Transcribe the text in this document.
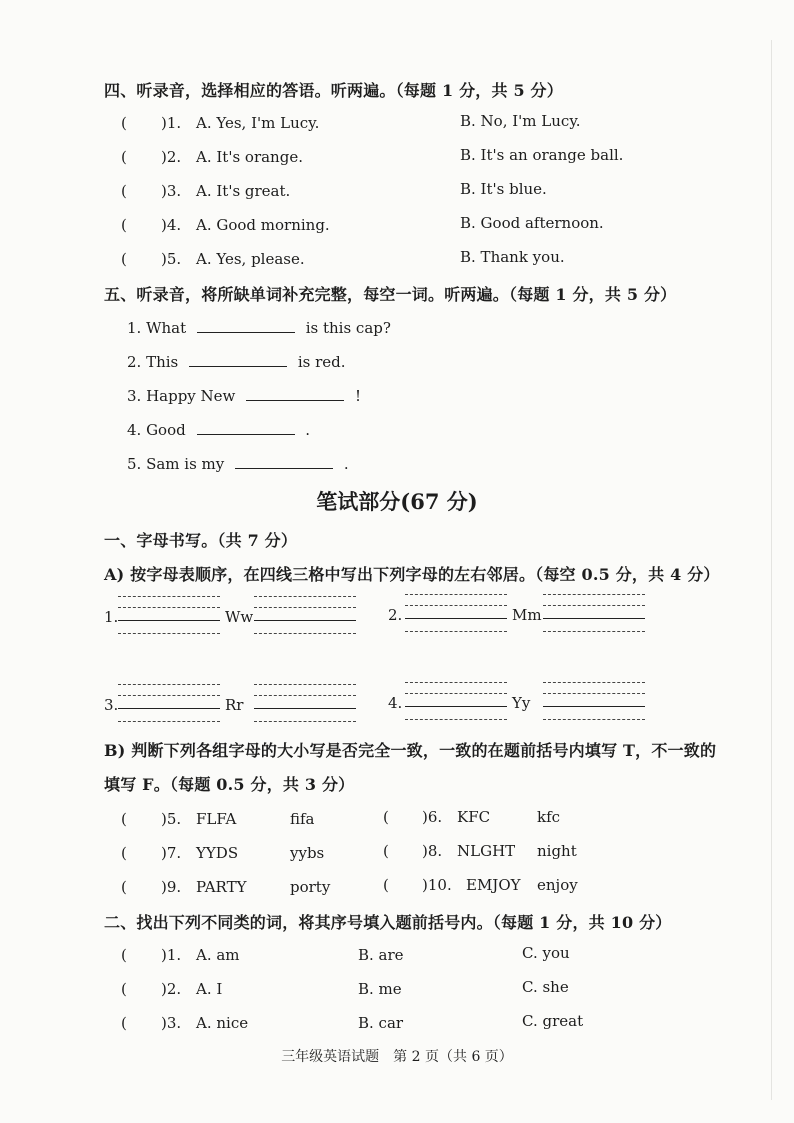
四、听录音，选择相应的答语。听两遍。（每题 1 分，共 5 分）
( )1. A. Yes, I'm Lucy.	B. No, I'm Lucy.
( )2. A. It's orange.	B. It's an orange ball.
( )3. A. It's great.	B. It's blue.
( )4. A. Good morning.	B. Good afternoon.
( )5. A. Yes, please.	B. Thank you.
五、听录音，将所缺单词补充完整，每空一词。听两遍。（每题 1 分，共 5 分）
1. What	is this cap?
2. This	is red.
3. Happy New	!
4. Good	.
5. Sam is my	.
笔试部分(67 分)
一、字母书写。（共 7 分）
A) 按字母表顺序，在四线三格中写出下列字母的左右邻居。（每空 0.5 分，共 4 分）
1.	Ww	2.	Mm
3.	Rr	4.	Yy
B) 判断下列各组字母的大小写是否完全一致，一致的在题前括号内填写 T，不一致的
填写 F。（每题 0.5 分，共 3 分）
( )5. FLFA	fifa	( )6. KFC	kfc
( )7. YYDS	yybs	( )8. NLGHT night
( )9. PARTY	porty	( )10. EMJOY enjoy
二、找出下列不同类的词，将其序号填入题前括号内。（每题 1 分，共 10 分）
( )1. A. am	B. are	C. you
( )2. A. I	B. me	C. she
( )3. A. nice	B. car	C. great
三年级英语试题　第 2 页（共 6 页）
